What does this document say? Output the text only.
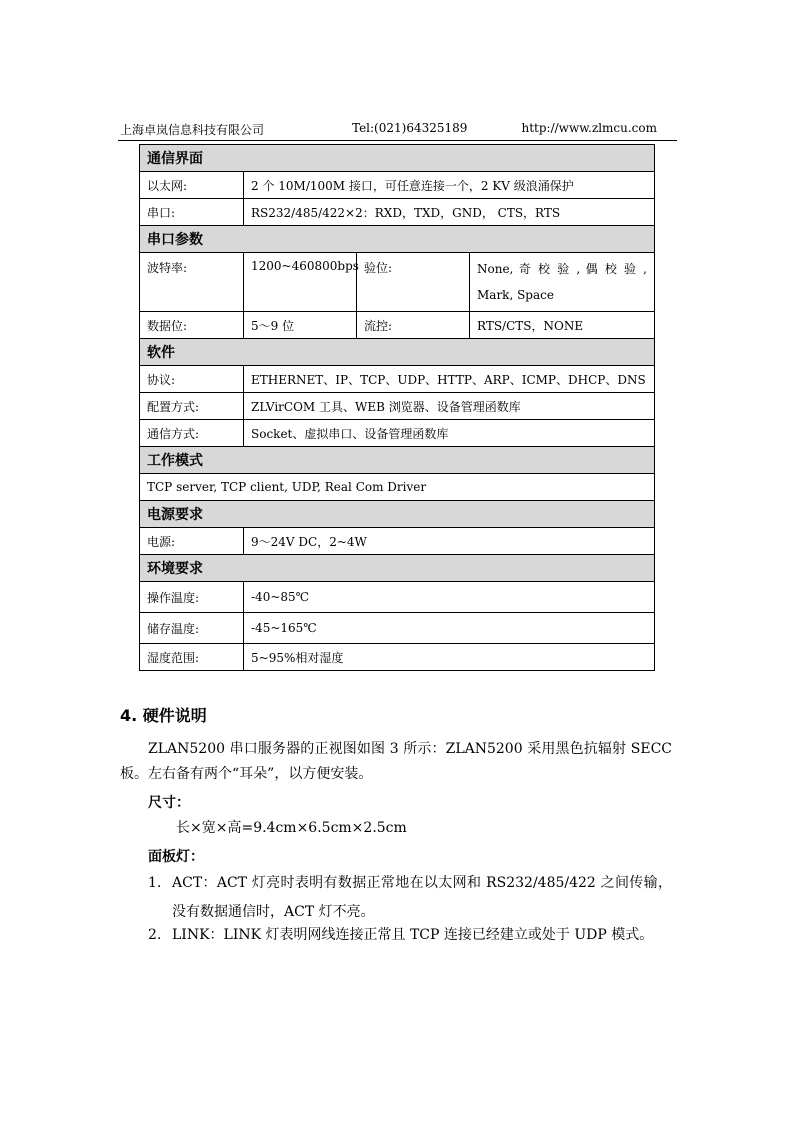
上海卓岚信息科技有限公司	Tel:(021)64325189	http://www.zlmcu.com
通信界面			
以太网:	2 个 10M/100M 接口，可任意连接一个，2 KV 级浪涌保护		
串口:	RS232/485/422×2：RXD，TXD，GND， CTS，RTS		
串口参数			
波特率:	1200~460800bps	验位:	None, 奇 校 验 , 偶 校 验 , Mark, Space

数据位:	5～9 位	流控:	RTS/CTS，NONE
软件			
协议:	ETHERNET、IP、TCP、UDP、HTTP、ARP、ICMP、DHCP、DNS		
配置方式:	ZLVirCOM 工具、WEB 浏览器、设备管理函数库		
通信方式:	Socket、虚拟串口、设备管理函数库		
工作模式			
TCP server, TCP client, UDP, Real Com Driver			
电源要求			
电源:	9～24V DC，2~4W		
环境要求			
操作温度:	-40~85℃		
储存温度:	-45~165℃		
湿度范围:	5~95%相对湿度		
4. 硬件说明
ZLAN5200 串口服务器的正视图如图 3 所示：ZLAN5200 采用黑色抗辐射 SECC 板。左右备有两个“耳朵”，以方便安装。
尺寸：
长×宽×高=9.4cm×6.5cm×2.5cm
面板灯：
1. ACT：ACT 灯亮时表明有数据正常地在以太网和 RS232/485/422 之间传输，没有数据通信时，ACT 灯不亮。
2. LINK：LINK 灯表明网线连接正常且 TCP 连接已经建立或处于 UDP 模式。
